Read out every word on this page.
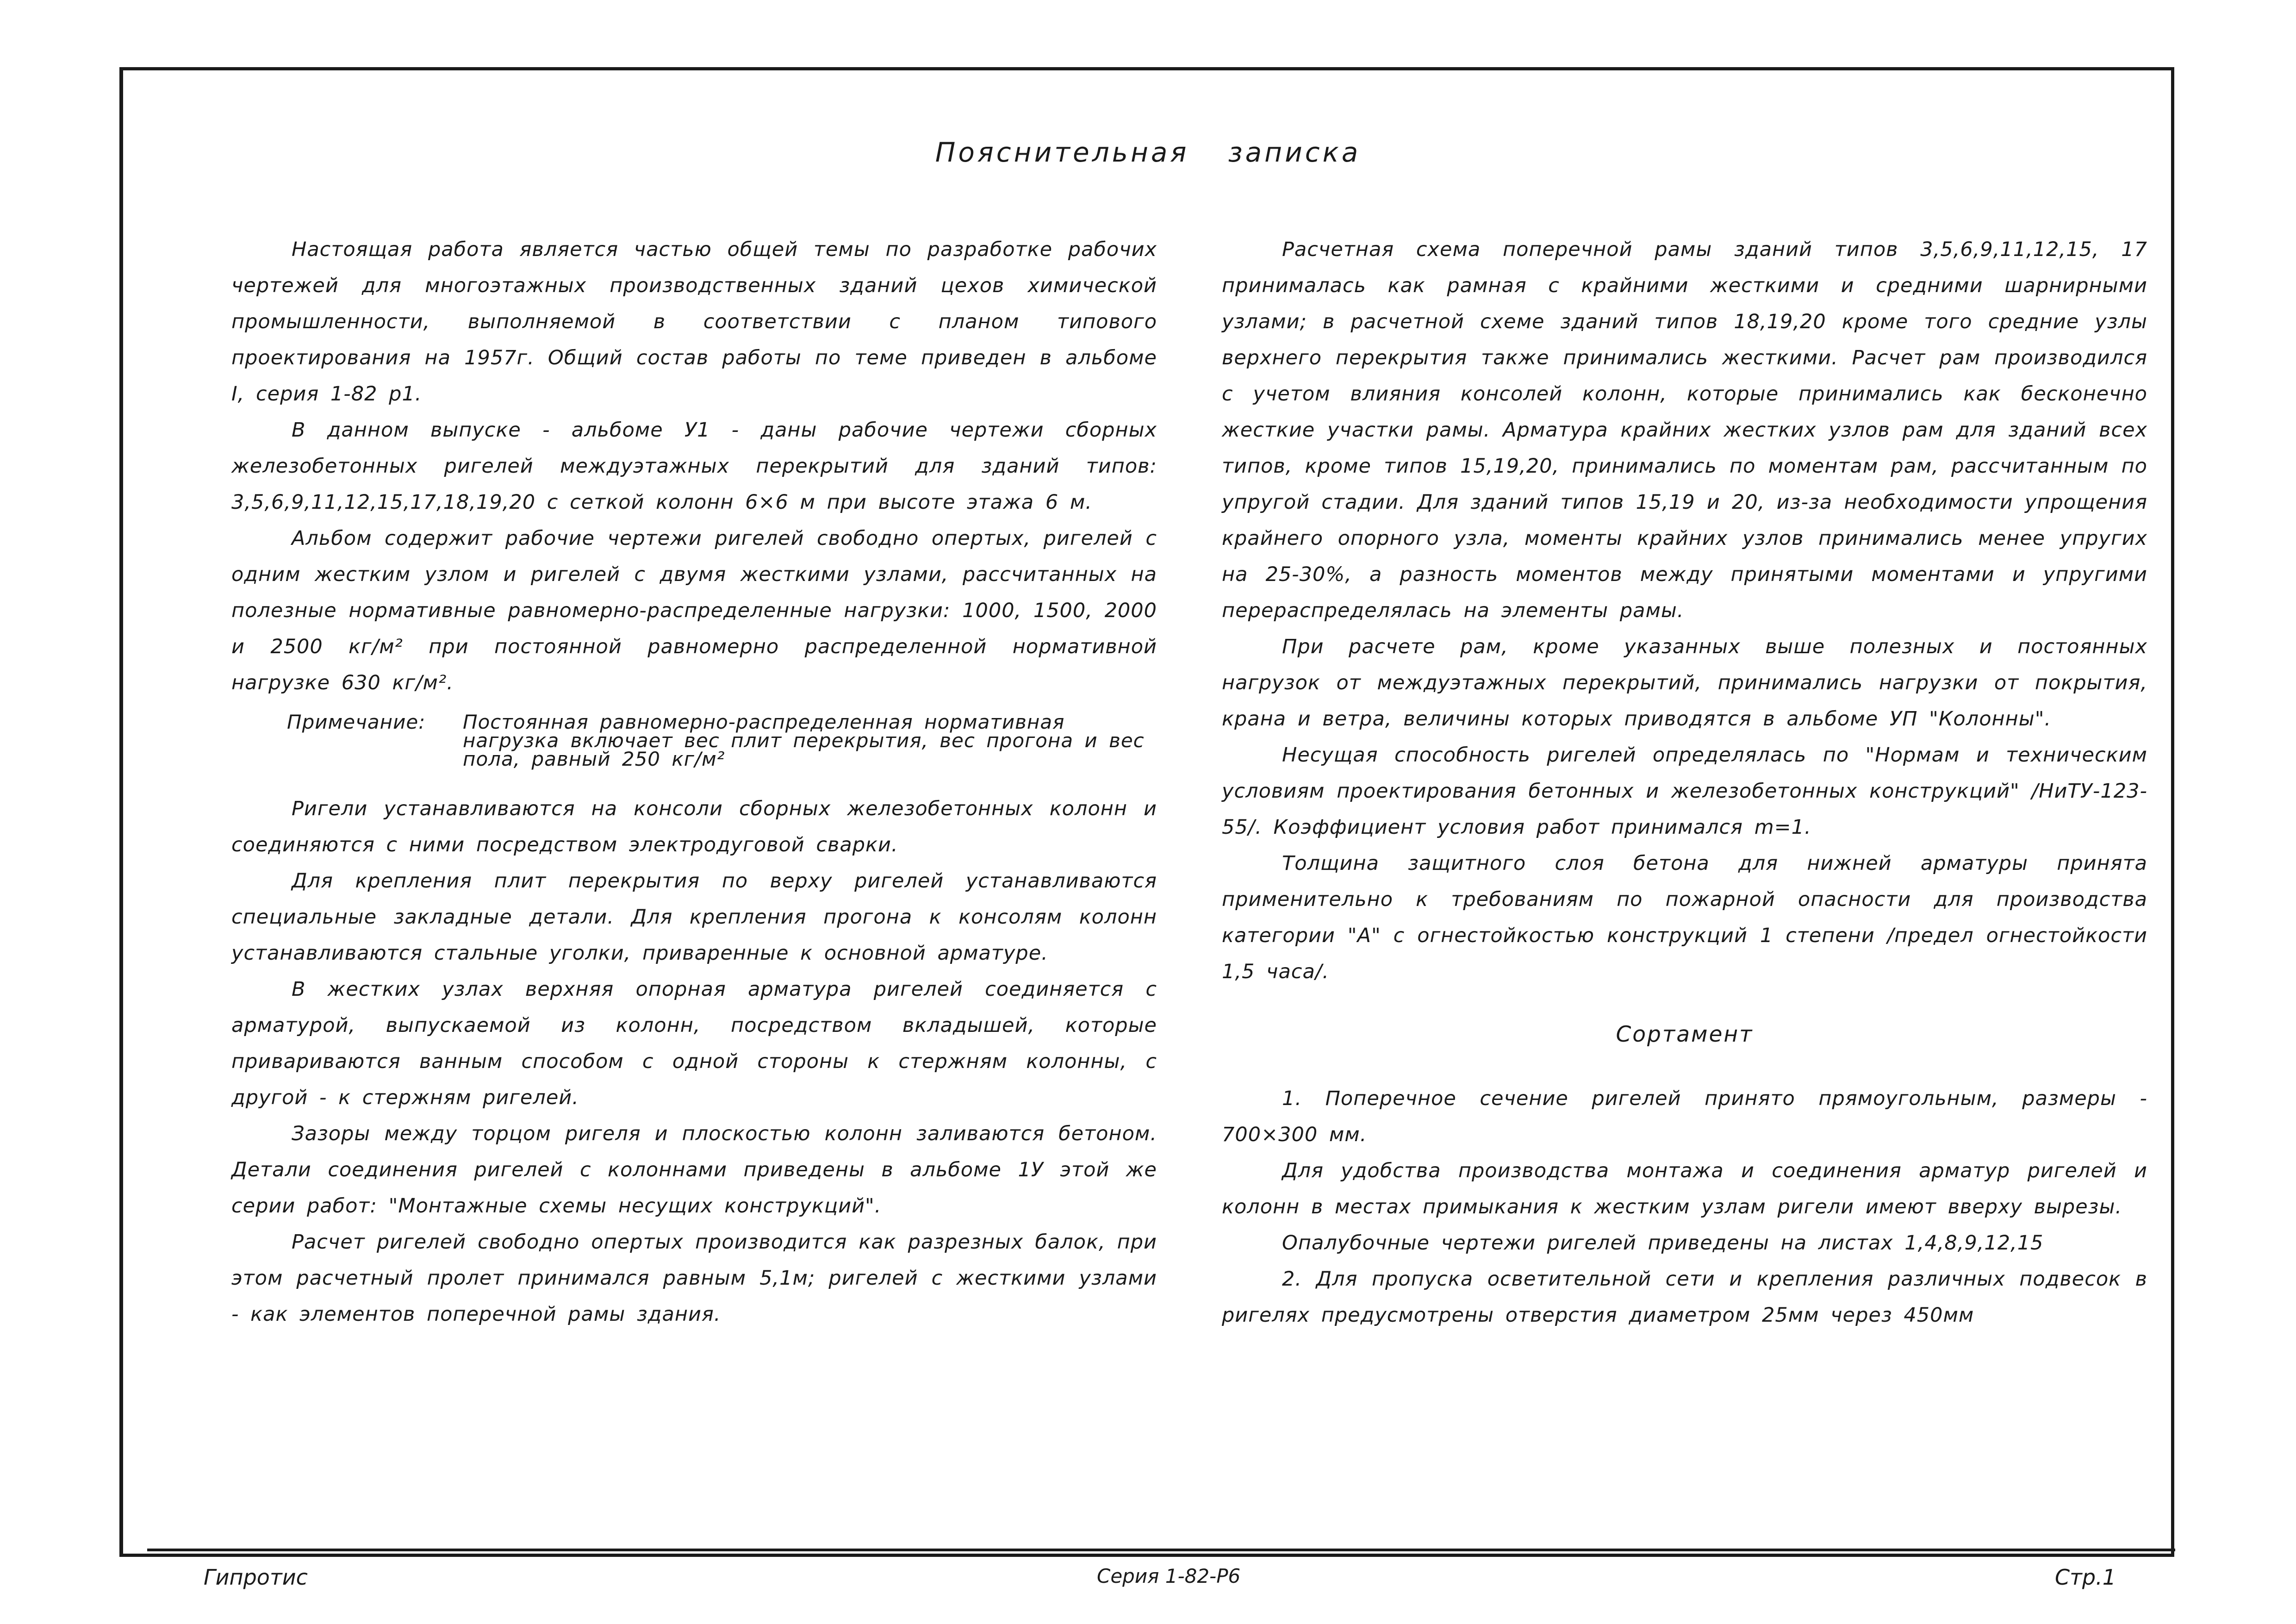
Пояснительная записка

Настоящая работа является частью общей темы по разработке рабочих чертежей для многоэтажных производственных зданий цехов химической промышленности, выполняемой в соответствии с планом типового проектирования на 1957г. Общий состав работы по теме приведен в альбоме I, серия 1-82 р1.

В данном выпуске - альбоме У1 - даны рабочие чертежи сборных железобетонных ригелей междуэтажных перекрытий для зданий типов: 3,5,6,9,11,12,15,17,18,19,20 с сеткой колонн 6×6 м при высоте этажа 6 м.

Альбом содержит рабочие чертежи ригелей свободно опертых, ригелей с одним жестким узлом и ригелей с двумя жесткими узлами, рассчитанных на полезные нормативные равномерно-распределенные нагрузки: 1000, 1500, 2000 и 2500 кг/м² при постоянной равномерно распределенной нормативной нагрузке 630 кг/м².

Примечание:	Постоянная равномерно-распределенная нормативная нагрузка включает вес плит перекрытия, вес прогона и вес пола, равный 250 кг/м²

Ригели устанавливаются на консоли сборных железобетонных колонн и соединяются с ними посредством электродуговой сварки.

Для крепления плит перекрытия по верху ригелей устанавливаются специальные закладные детали. Для крепления прогона к консолям колонн устанавливаются стальные уголки, приваренные к основной арматуре.

В жестких узлах верхняя опорная арматура ригелей соединяется с арматурой, выпускаемой из колонн, посредством вкладышей, которые привариваются ванным способом с одной стороны к стержням колонны, с другой - к стержням ригелей.

Зазоры между торцом ригеля и плоскостью колонн заливаются бетоном. Детали соединения ригелей с колоннами приведены в альбоме 1У этой же серии работ: "Монтажные схемы несущих конструкций".

Расчет ригелей свободно опертых производится как разрезных балок, при этом расчетный пролет принимался равным 5,1м; ригелей с жесткими узлами - как элементов поперечной рамы здания.

Расчетная схема поперечной рамы зданий типов 3,5,6,9,11,12,15, 17 принималась как рамная с крайними жесткими и средними шарнирными узлами; в расчетной схеме зданий типов 18,19,20 кроме того средние узлы верхнего перекрытия также принимались жесткими. Расчет рам производился с учетом влияния консолей колонн, которые принимались как бесконечно жесткие участки рамы. Арматура крайних жестких узлов рам для зданий всех типов, кроме типов 15,19,20, принимались по моментам рам, рассчитанным по упругой стадии. Для зданий типов 15,19 и 20, из-за необходимости упрощения крайнего опорного узла, моменты крайних узлов принимались менее упругих на 25-30%, а разность моментов между принятыми моментами и упругими перераспределялась на элементы рамы.

При расчете рам, кроме указанных выше полезных и постоянных нагрузок от междуэтажных перекрытий, принимались нагрузки от покрытия, крана и ветра, величины которых приводятся в альбоме УП "Колонны".

Несущая способность ригелей определялась по "Нормам и техническим условиям проектирования бетонных и железобетонных конструкций" /НиТУ-123-55/. Коэффициент условия работ принимался m=1.

Толщина защитного слоя бетона для нижней арматуры принята применительно к требованиям по пожарной опасности для производства категории "А" с огнестойкостью конструкций 1 степени /предел огнестойкости 1,5 часа/.

Сортамент

1. Поперечное сечение ригелей принято прямоугольным, размеры - 700×300 мм.

Для удобства производства монтажа и соединения арматур ригелей и колонн в местах примыкания к жестким узлам ригели имеют вверху вырезы.

Опалубочные чертежи ригелей приведены на листах 1,4,8,9,12,15

2. Для пропуска осветительной сети и крепления различных подвесок в ригелях предусмотрены отверстия диаметром 25мм через 450мм

Гипротис	Серия 1-82-Р6	Стр.1
